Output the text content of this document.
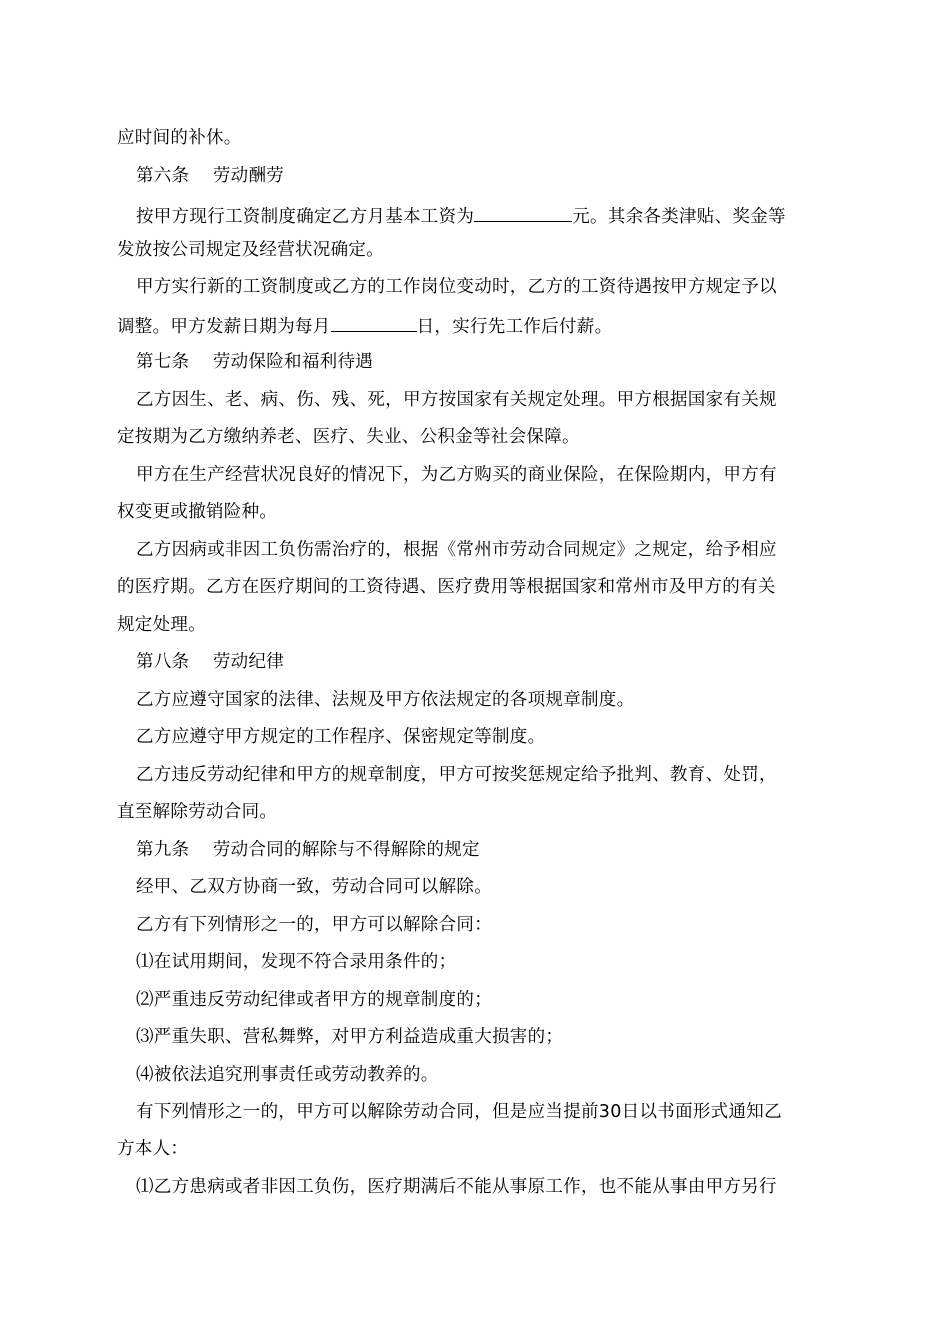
应时间的补休。
第六条    劳动酬劳
按甲方现行工资制度确定乙方月基本工资为	元。其余各类津贴、奖金等
发放按公司规定及经营状况确定。
甲方实行新的工资制度或乙方的工作岗位变动时，乙方的工资待遇按甲方规定予以
调整。甲方发薪日期为每月	日，实行先工作后付薪。
第七条    劳动保险和福利待遇
乙方因生、老、病、伤、残、死，甲方按国家有关规定处理。甲方根据国家有关规
定按期为乙方缴纳养老、医疗、失业、公积金等社会保障。
甲方在生产经营状况良好的情况下，为乙方购买的商业保险，在保险期内，甲方有
权变更或撤销险种。
乙方因病或非因工负伤需治疗的，根据《常州市劳动合同规定》之规定，给予相应
的医疗期。乙方在医疗期间的工资待遇、医疗费用等根据国家和常州市及甲方的有关
规定处理。
第八条    劳动纪律
乙方应遵守国家的法律、法规及甲方依法规定的各项规章制度。
乙方应遵守甲方规定的工作程序、保密规定等制度。
乙方违反劳动纪律和甲方的规章制度，甲方可按奖惩规定给予批判、教育、处罚，
直至解除劳动合同。
第九条    劳动合同的解除与不得解除的规定
经甲、乙双方协商一致，劳动合同可以解除。
乙方有下列情形之一的，甲方可以解除合同：
⑴在试用期间，发现不符合录用条件的；
⑵严重违反劳动纪律或者甲方的规章制度的；
⑶严重失职、营私舞弊，对甲方利益造成重大损害的；
⑷被依法追究刑事责任或劳动教养的。
有下列情形之一的，甲方可以解除劳动合同，但是应当提前30日以书面形式通知乙
方本人：
⑴乙方患病或者非因工负伤，医疗期满后不能从事原工作，也不能从事由甲方另行
